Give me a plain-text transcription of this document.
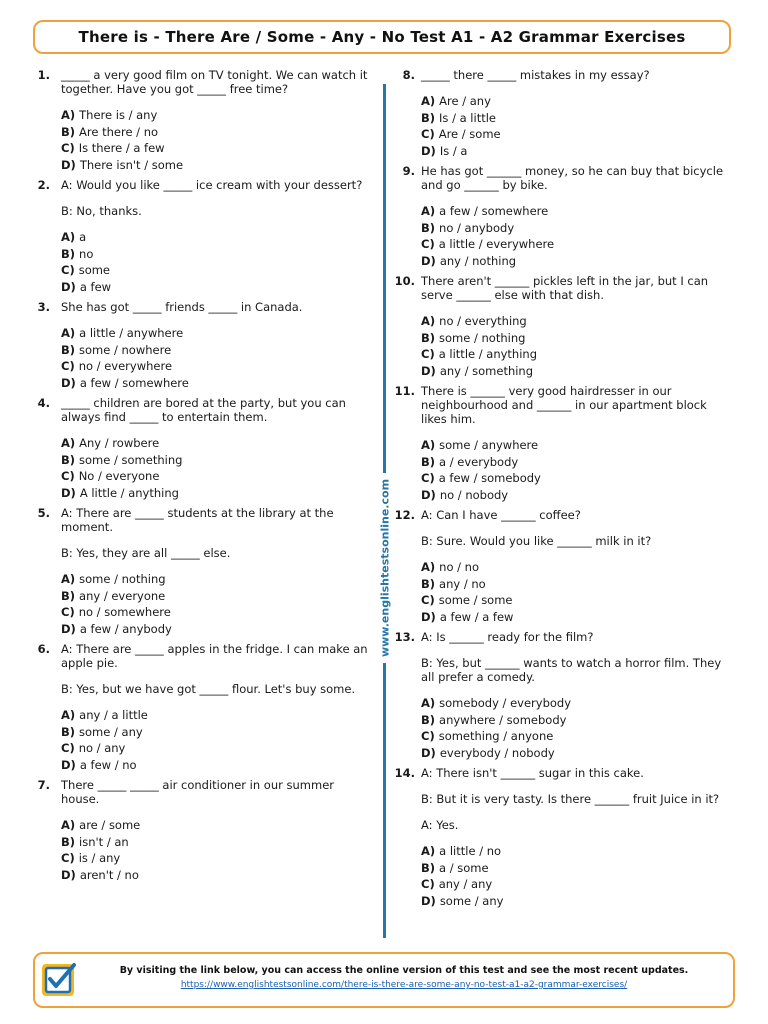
There is - There Are / Some - Any - No Test A1 - A2 Grammar Exercises
1. _____ a very good film on TV tonight. We can watch it together. Have you got _____ free time?
A) There is / any
B) Are there / no
C) Is there / a few
D) There isn't / some
2. A: Would you like _____ ice cream with your dessert?
B: No, thanks.
A) a
B) no
C) some
D) a few
3. She has got _____ friends _____ in Canada.
A) a little / anywhere
B) some / nowhere
C) no / everywhere
D) a few / somewhere
4. _____ children are bored at the party, but you can always find _____ to entertain them.
A) Any / rowbere
B) some / something
C) No / everyone
D) A little / anything
5. A: There are _____ students at the library at the moment.
B: Yes, they are all _____ else.
A) some / nothing
B) any / everyone
C) no / somewhere
D) a few / anybody
6. A: There are _____ apples in the fridge. I can make an apple pie.
B: Yes, but we have got _____ flour. Let's buy some.
A) any / a little
B) some / any
C) no / any
D) a few / no
7. There _____ _____ air conditioner in our summer house.
A) are / some
B) isn't / an
C) is / any
D) aren't / no
www.englishtestsonline.com
8. _____ there _____ mistakes in my essay?
A) Are / any
B) Is / a little
C) Are / some
D) Is / a
9. He has got ______ money, so he can buy that bicycle and go ______ by bike.
A) a few / somewhere
B) no / anybody
C) a little / everywhere
D) any / nothing
10. There aren't ______ pickles left in the jar, but I can serve ______ else with that dish.
A) no / everything
B) some / nothing
C) a little / anything
D) any / something
11. There is ______ very good hairdresser in our neighbourhood and ______ in our apartment block likes him.
A) some / anywhere
B) a / everybody
C) a few / somebody
D) no / nobody
12. A: Can I have ______ coffee?
B: Sure. Would you like ______ milk in it?
A) no / no
B) any / no
C) some / some
D) a few / a few
13. A: Is ______ ready for the film?
B: Yes, but ______ wants to watch a horror film. They all prefer a comedy.
A) somebody / everybody
B) anywhere / somebody
C) something / anyone
D) everybody / nobody
14. A: There isn't ______ sugar in this cake.
B: But it is very tasty. Is there ______ fruit Juice in it?
A: Yes.
A) a little / no
B) a / some
C) any / any
D) some / any
By visiting the link below, you can access the online version of this test and see the most recent updates.
https://www.englishtestsonline.com/there-is-there-are-some-any-no-test-a1-a2-grammar-exercises/
